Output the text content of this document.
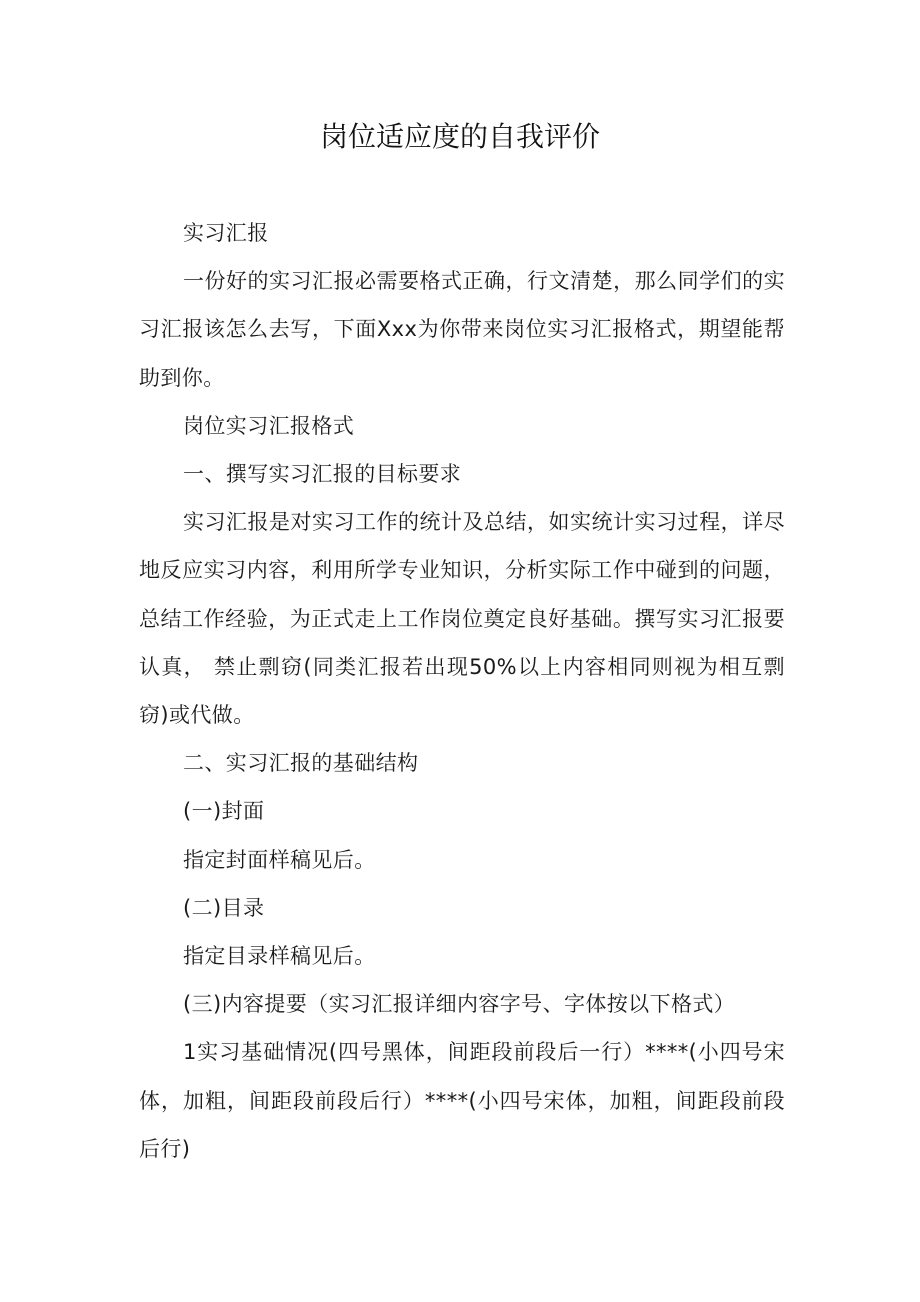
岗位适应度的自我评价

实习汇报

一份好的实习汇报必需要格式正确，行文清楚，那么同学们的实习汇报该怎么去写，下面Xxx为你带来岗位实习汇报格式，期望能帮助到你。

岗位实习汇报格式

一、撰写实习汇报的目标要求

实习汇报是对实习工作的统计及总结，如实统计实习过程，详尽地反应实习内容，利用所学专业知识，分析实际工作中碰到的问题，总结工作经验，为正式走上工作岗位奠定良好基础。撰写实习汇报要认真， 禁止剽窃(同类汇报若出现50%以上内容相同则视为相互剽窃)或代做。

二、实习汇报的基础结构

(一)封面

指定封面样稿见后。

(二)目录

指定目录样稿见后。

(三)内容提要（实习汇报详细内容字号、字体按以下格式）

1实习基础情况(四号黑体，间距段前段后一行）****(小四号宋体，加粗，间距段前段后行）****(小四号宋体，加粗，间距段前段后行)
